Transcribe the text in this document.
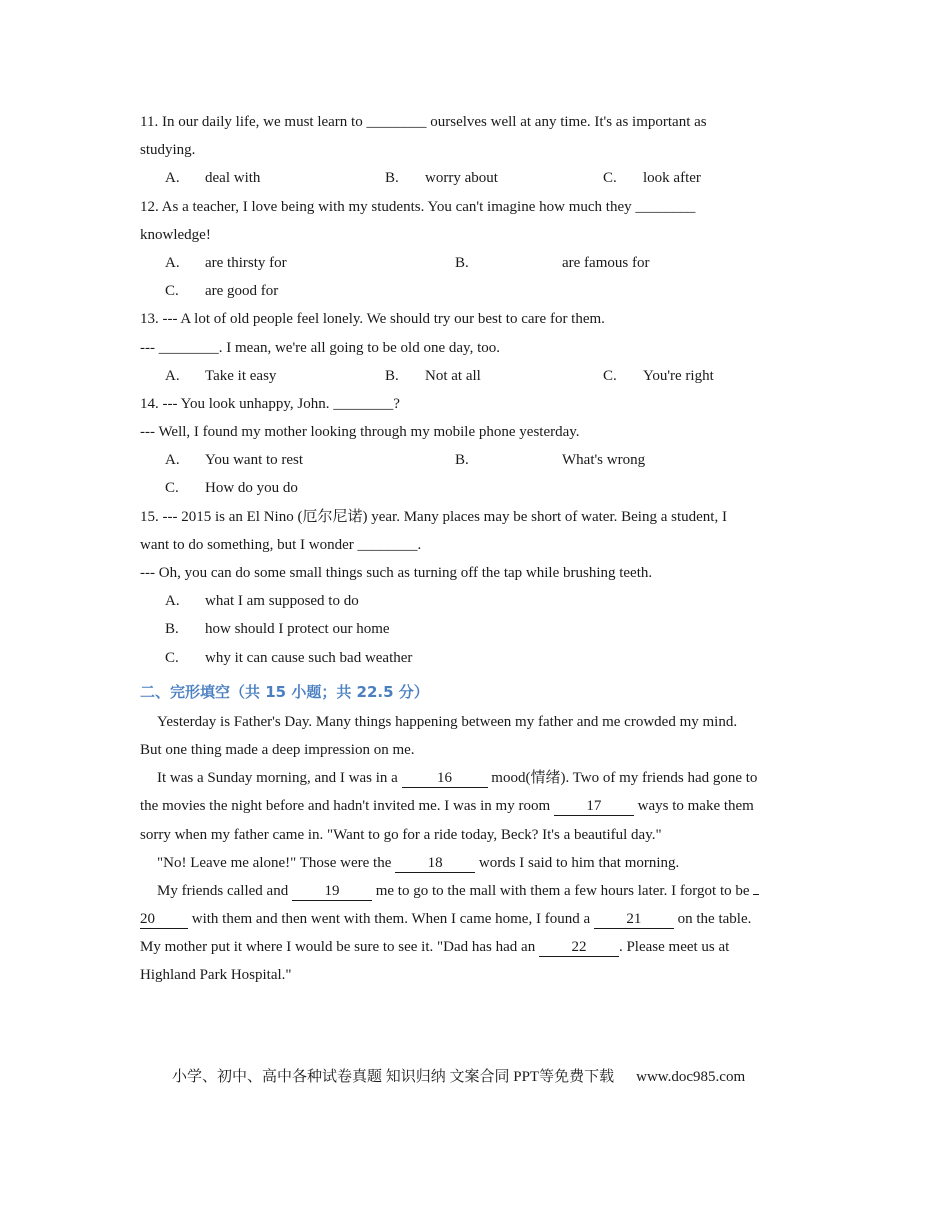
11. In our daily life, we must learn to ________ ourselves well at any time. It's as important as
studying.
A. deal with	B. worry about	C. look after
12. As a teacher, I love being with my students. You can't imagine how much they ________
knowledge!
A. are thirsty for	B.	are famous for
C. are good for
13. --- A lot of old people feel lonely. We should try our best to care for them.
--- ________. I mean, we're all going to be old one day, too.
A. Take it easy	B. Not at all	C. You're right
14. --- You look unhappy, John. ________?
--- Well, I found my mother looking through my mobile phone yesterday.
A. You want to rest	B.	What's wrong
C. How do you do
15. --- 2015 is an El Nino (厄尔尼诺) year. Many places may be short of water. Being a student, I
want to do something, but I wonder ________.
--- Oh, you can do some small things such as turning off the tap while brushing teeth.
A. what I am supposed to do
B. how should I protect our home
C. why it can cause such bad weather
二、完形填空（共 15 小题；共 22.5 分）
Yesterday is Father's Day. Many things happening between my father and me crowded my mind.
But one thing made a deep impression on me.
It was a Sunday morning, and I was in a 16 mood(情绪). Two of my friends had gone to
the movies the night before and hadn't invited me. I was in my room 17 ways to make them
sorry when my father came in. "Want to go for a ride today, Beck? It's a beautiful day."
"No! Leave me alone!" Those were the 18 words I said to him that morning.
My friends called and 19 me to go to the mall with them a few hours later. I forgot to be
20 with them and then went with them. When I came home, I found a 21 on the table.
My mother put it where I would be sure to see it. "Dad has had an 22 . Please meet us at
Highland Park Hospital."
小学、初中、高中各种试卷真题 知识归纳 文案合同 PPT等免费下载 www.doc985.com
